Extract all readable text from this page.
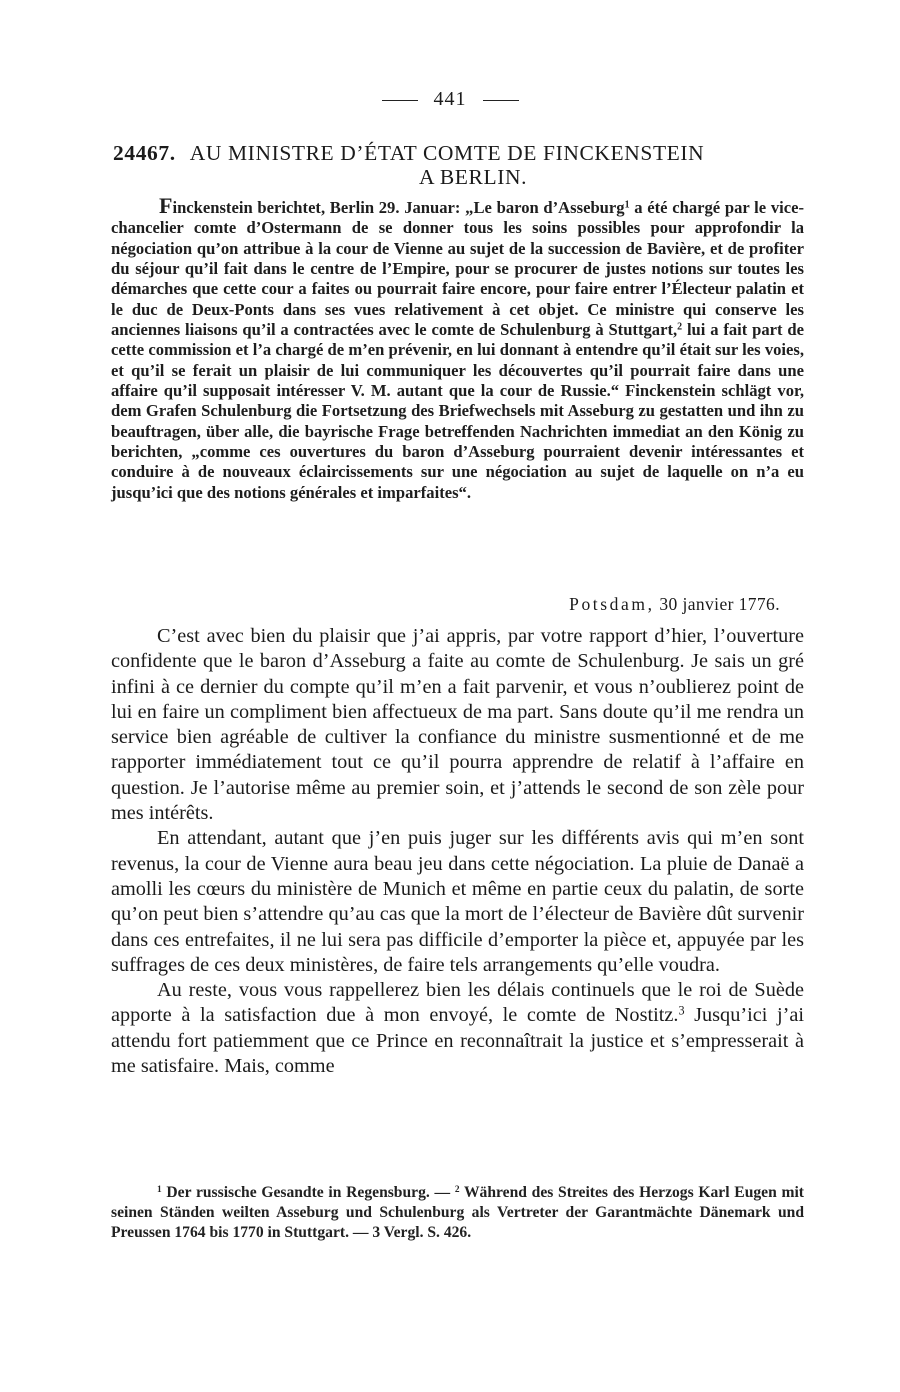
441
24467. AU MINISTRE D’ÉTAT COMTE DE FINCKENSTEIN
A BERLIN.
Finckenstein berichtet, Berlin 29. Januar: „Le baron d’Asseburg$^1$ a été chargé par le vice-chancelier comte d’Ostermann de se donner tous les soins possibles pour approfondir la négociation qu’on attribue à la cour de Vienne au sujet de la succession de Bavière, et de profiter du séjour qu’il fait dans le centre de l’Empire, pour se procurer de justes notions sur toutes les démarches que cette cour a faites ou pourrait faire encore, pour faire entrer l’Électeur palatin et le duc de Deux-Ponts dans ses vues relativement à cet objet. Ce ministre qui conserve les anciennes liaisons qu’il a contractées avec le comte de Schulenburg à Stuttgart,$^2$ lui a fait part de cette commission et l’a chargé de m’en prévenir, en lui donnant à entendre qu’il était sur les voies, et qu’il se ferait un plaisir de lui communiquer les découvertes qu’il pourrait faire dans une affaire qu’il supposait intéresser V. M. autant que la cour de Russie.“ Finckenstein schlägt vor, dem Grafen Schulenburg die Fortsetzung des Briefwechsels mit Asseburg zu gestatten und ihn zu beauftragen, über alle, die bayrische Frage betreffenden Nachrichten immediat an den König zu berichten, „comme ces ouvertures du baron d’Asseburg pourraient devenir intéressantes et conduire à de nouveaux éclaircissements sur une négociation au sujet de laquelle on n’a eu jusqu’ici que des notions générales et imparfaites“.
Potsdam, 30 janvier 1776.

C’est avec bien du plaisir que j’ai appris, par votre rapport d’hier, l’ouverture confidente que le baron d’Asseburg a faite au comte de Schulenburg. Je sais un gré infini à ce dernier du compte qu’il m’en a fait parvenir, et vous n’oublierez point de lui en faire un compliment bien affectueux de ma part. Sans doute qu’il me rendra un service bien agréable de cultiver la confiance du ministre susmentionné et de me rapporter immédiatement tout ce qu’il pourra apprendre de relatif à l’affaire en question. Je l’autorise même au premier soin, et j’attends le second de son zèle pour mes intérêts.

En attendant, autant que j’en puis juger sur les différents avis qui m’en sont revenus, la cour de Vienne aura beau jeu dans cette négociation. La pluie de Danaë a amolli les cœurs du ministère de Munich et même en partie ceux du palatin, de sorte qu’on peut bien s’attendre qu’au cas que la mort de l’électeur de Bavière dût survenir dans ces entrefaites, il ne lui sera pas difficile d’emporter la pièce et, appuyée par les suffrages de ces deux ministères, de faire tels arrangements qu’elle voudra.

Au reste, vous vous rappellerez bien les délais continuels que le roi de Suède apporte à la satisfaction due à mon envoyé, le comte de Nostitz.$^3$ Jusqu’ici j’ai attendu fort patiemment que ce Prince en reconnaîtrait la justice et s’empresserait à me satisfaire. Mais, comme

$^1$ Der russische Gesandte in Regensburg. — $^2$ Während des Streites des Herzogs Karl Eugen mit seinen Ständen weilten Asseburg und Schulenburg als Vertreter der Garantmächte Dänemark und Preussen 1764 bis 1770 in Stuttgart. — 3 Vergl. S. 426.
